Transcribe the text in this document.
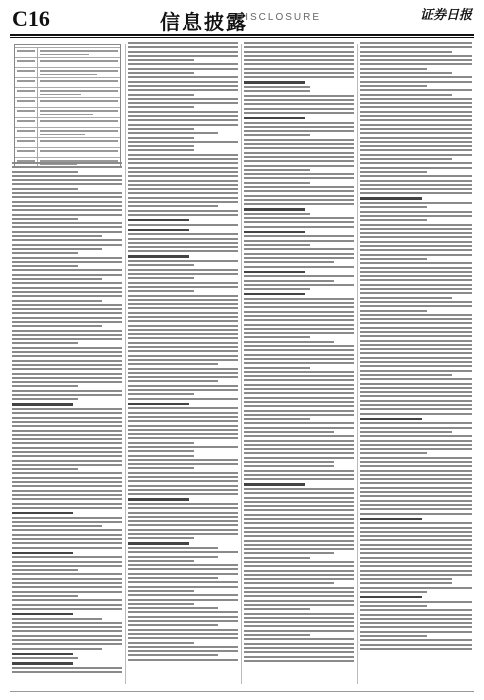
C16	信息披露
DISCLOSURE	证券日报
